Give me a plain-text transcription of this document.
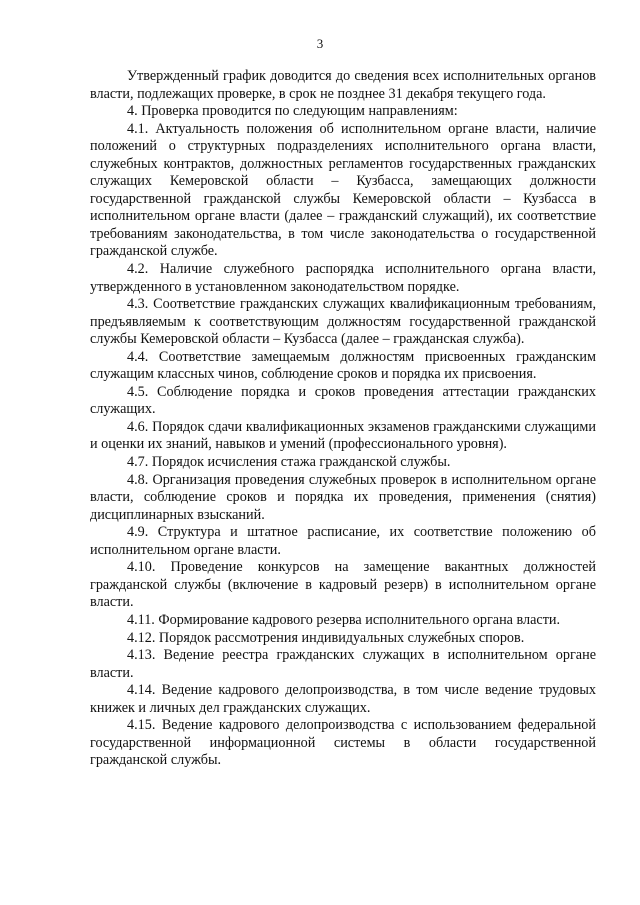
3

Утвержденный график доводится до сведения всех исполнительных органов власти, подлежащих проверке, в срок не позднее 31 декабря текущего года.

4. Проверка проводится по следующим направлениям:

4.1. Актуальность положения об исполнительном органе власти, наличие положений о структурных подразделениях исполнительного органа власти, служебных контрактов, должностных регламентов государственных гражданских служащих Кемеровской области – Кузбасса, замещающих должности государственной гражданской службы Кемеровской области – Кузбасса в исполнительном органе власти (далее – гражданский служащий), их соответствие требованиям законодательства, в том числе законодательства о государственной гражданской службе.

4.2. Наличие служебного распорядка исполнительного органа власти, утвержденного в установленном законодательством порядке.

4.3. Соответствие гражданских служащих квалификационным требованиям, предъявляемым к соответствующим должностям государственной гражданской службы Кемеровской области – Кузбасса (далее – гражданская служба).

4.4. Соответствие замещаемым должностям присвоенных гражданским служащим классных чинов, соблюдение сроков и порядка их присвоения.

4.5. Соблюдение порядка и сроков проведения аттестации гражданских служащих.

4.6. Порядок сдачи квалификационных экзаменов гражданскими служащими и оценки их знаний, навыков и умений (профессионального уровня).

4.7. Порядок исчисления стажа гражданской службы.

4.8. Организация проведения служебных проверок в исполнительном органе власти, соблюдение сроков и порядка их проведения, применения (снятия) дисциплинарных взысканий.

4.9. Структура и штатное расписание, их соответствие положению об исполнительном органе власти.

4.10. Проведение конкурсов на замещение вакантных должностей гражданской службы (включение в кадровый резерв) в исполнительном органе власти.

4.11. Формирование кадрового резерва исполнительного органа власти.

4.12. Порядок рассмотрения индивидуальных служебных споров.

4.13. Ведение реестра гражданских служащих в исполнительном органе власти.

4.14. Ведение кадрового делопроизводства, в том числе ведение трудовых книжек и личных дел гражданских служащих.

4.15. Ведение кадрового делопроизводства с использованием федеральной государственной информационной системы в области государственной гражданской службы.
